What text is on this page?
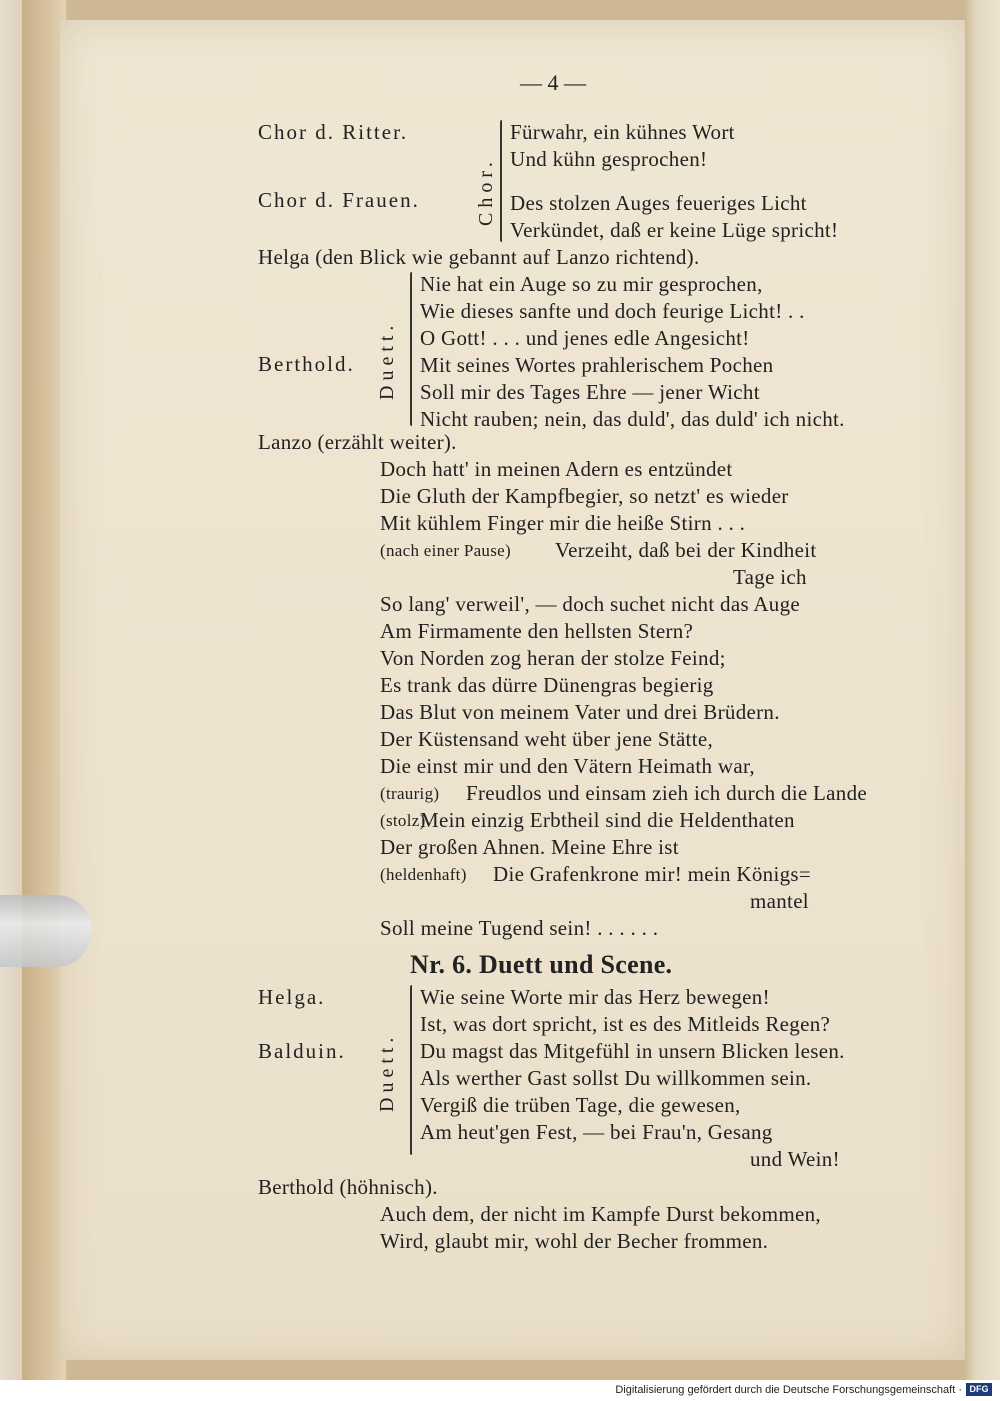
— 4 —
Chor d. Ritter.
Chor d. Frauen.	Chor.
Fürwahr, ein kühnes Wort
Und kühn gesprochen!
Des stolzen Auges feueriges Licht
Verkündet, daß er keine Lüge spricht!
Helga (den Blick wie gebannt auf Lanzo richtend).
Duett.
Berthold.
Nie hat ein Auge so zu mir gesprochen,
Wie dieses sanfte und doch feurige Licht! . .
O Gott! . . . und jenes edle Angesicht!
Mit seines Wortes prahlerischem Pochen
Soll mir des Tages Ehre — jener Wicht
Nicht rauben; nein, das duld', das duld' ich nicht.
Lanzo (erzählt weiter).
Doch hatt' in meinen Adern es entzündet
Die Gluth der Kampfbegier, so netzt' es wieder
Mit kühlem Finger mir die heiße Stirn . . .
(nach einer Pause) Verzeiht, daß bei der Kindheit
Tage ich
So lang' verweil', — doch suchet nicht das Auge
Am Firmamente den hellsten Stern?
Von Norden zog heran der stolze Feind;
Es trank das dürre Dünengras begierig
Das Blut von meinem Vater und drei Brüdern.
Der Küstensand weht über jene Stätte,
Die einst mir und den Vätern Heimath war,
(traurig) Freudlos und einsam zieh ich durch die Lande
(stolz)
Mein einzig Erbtheil sind die Heldenthaten
Der großen Ahnen. Meine Ehre ist
(heldenhaft) Die Grafenkrone mir! mein Königs=
mantel
Soll meine Tugend sein! . . . . . .
Nr. 6. Duett und Scene.
Helga.
Balduin. Duett.
Wie seine Worte mir das Herz bewegen!
Ist, was dort spricht, ist es des Mitleids Regen?
Du magst das Mitgefühl in unsern Blicken lesen.
Als werther Gast sollst Du willkommen sein.
Vergiß die trüben Tage, die gewesen,
Am heut'gen Fest, — bei Frau'n, Gesang
und Wein!
Berthold (höhnisch).
Auch dem, der nicht im Kampfe Durst bekommen,
Wird, glaubt mir, wohl der Becher frommen.
Digitalisierung gefördert durch die Deutsche Forschungsgemeinschaft · DFG
